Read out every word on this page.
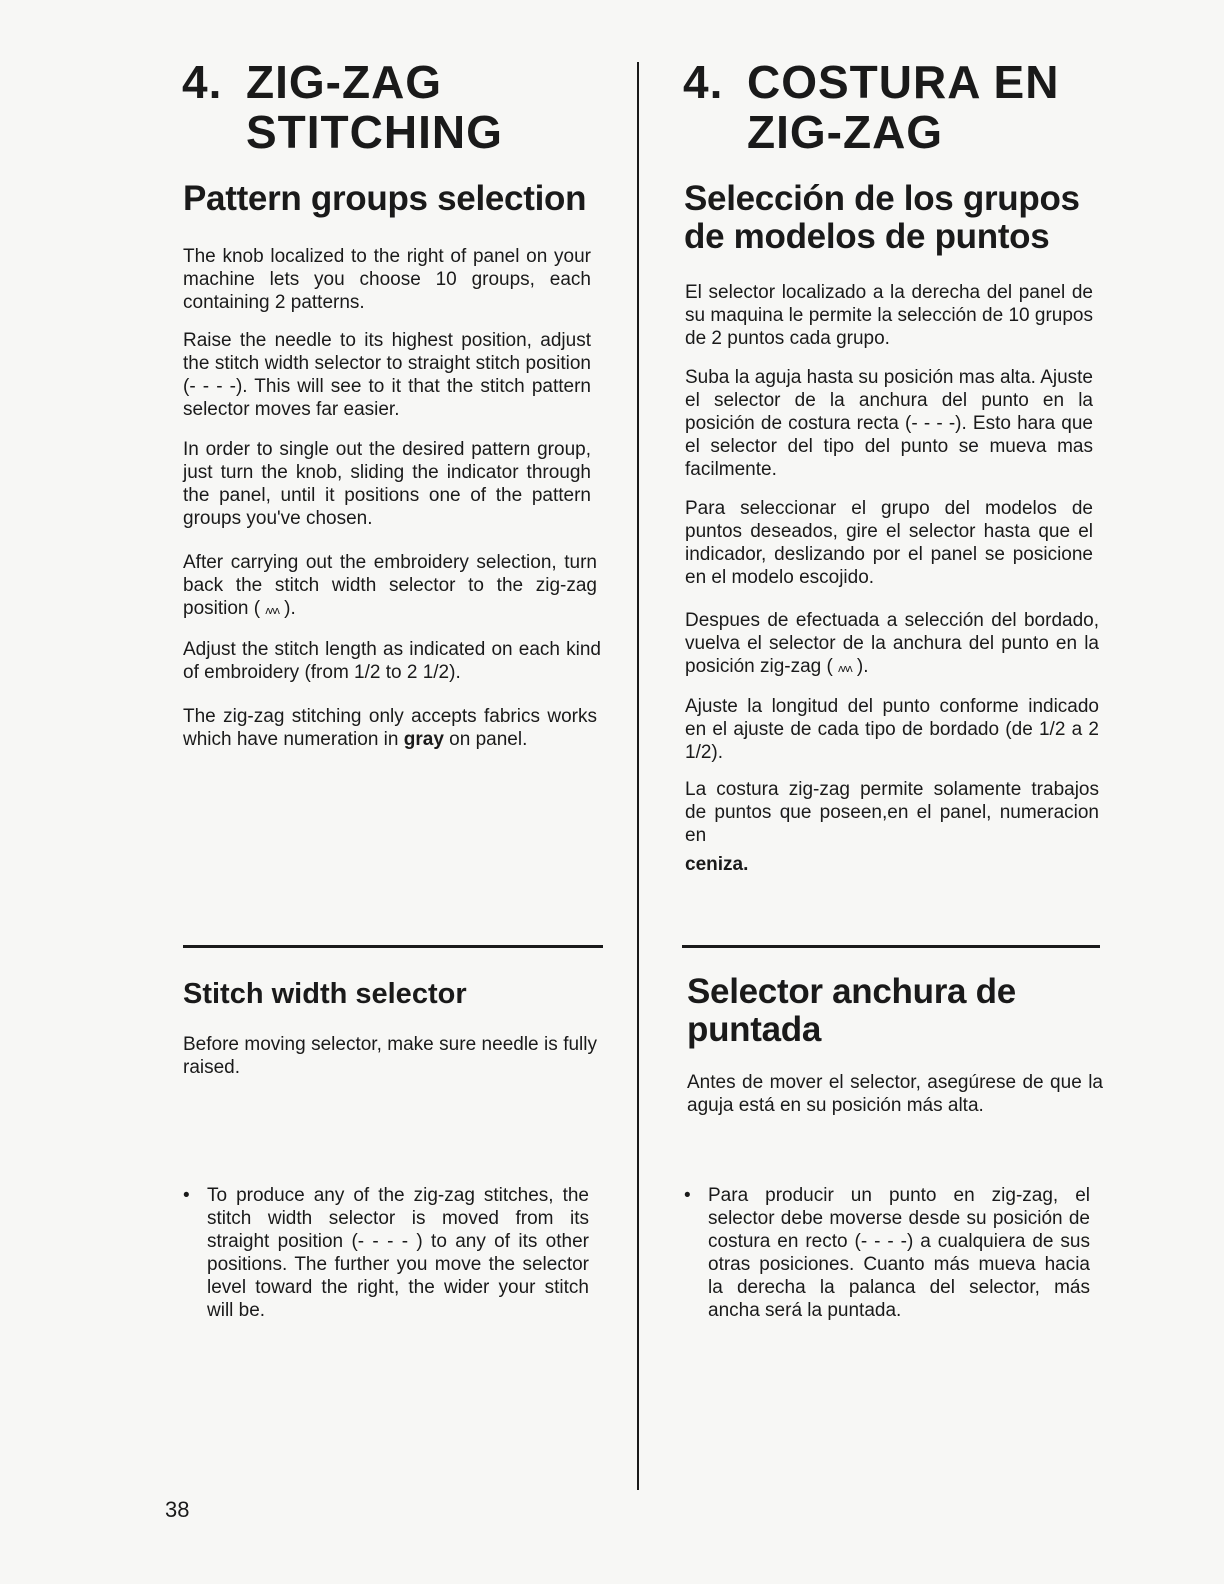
4. ZIG-ZAG
STITCHING
Pattern groups selection

The knob localized to the right of panel on your machine lets you choose 10 groups, each containing 2 patterns.

Raise the needle to its highest position, adjust the stitch width selector to straight stitch position (- - - -). This will see to it that the stitch pattern selector moves far easier.

In order to single out the desired pattern group, just turn the knob, sliding the indicator through the panel, until it positions one of the pattern groups you've chosen.

After carrying out the embroidery selection, turn back the stitch width selector to the zig-zag position ( ᴧᴧᴧ ).

Adjust the stitch length as indicated on each kind of embroidery (from 1/2 to 2 1/2).

The zig-zag stitching only accepts fabrics works which have numeration in gray on panel.

Stitch width selector

Before moving selector, make sure needle is fully raised.

• To produce any of the zig-zag stitches, the stitch width selector is moved from its straight position (- - - - ) to any of its other positions. The further you move the selector level toward the right, the wider your stitch will be.

4. COSTURA EN
ZIG-ZAG
Selección de los grupos
de modelos de puntos

El selector localizado a la derecha del panel de su maquina le permite la selección de 10 grupos de 2 puntos cada grupo.

Suba la aguja hasta su posición mas alta. Ajuste el selector de la anchura del punto en la posición de costura recta (- - - -). Esto hara que el selector del tipo del punto se mueva mas facilmente.

Para seleccionar el grupo del modelos de puntos deseados, gire el selector hasta que el indicador, deslizando por el panel se posicione en el modelo escojido.

Despues de efectuada a selección del bordado, vuelva el selector de la anchura del punto en la posición zig-zag ( ᴧᴧᴧ ).

Ajuste la longitud del punto conforme indicado en el ajuste de cada tipo de bordado (de 1/2 a 2 1/2).

La costura zig-zag permite solamente trabajos de puntos que poseen,en el panel, numeracion en
ceniza.

Selector anchura de
puntada

Antes de mover el selector, asegúrese de que la aguja está en su posición más alta.

• Para producir un punto en zig-zag, el selector debe moverse desde su posición de costura en recto (- - - -) a cualquiera de sus otras posiciones. Cuanto más mueva hacia la derecha la palanca del selector, más ancha será la puntada.

38
